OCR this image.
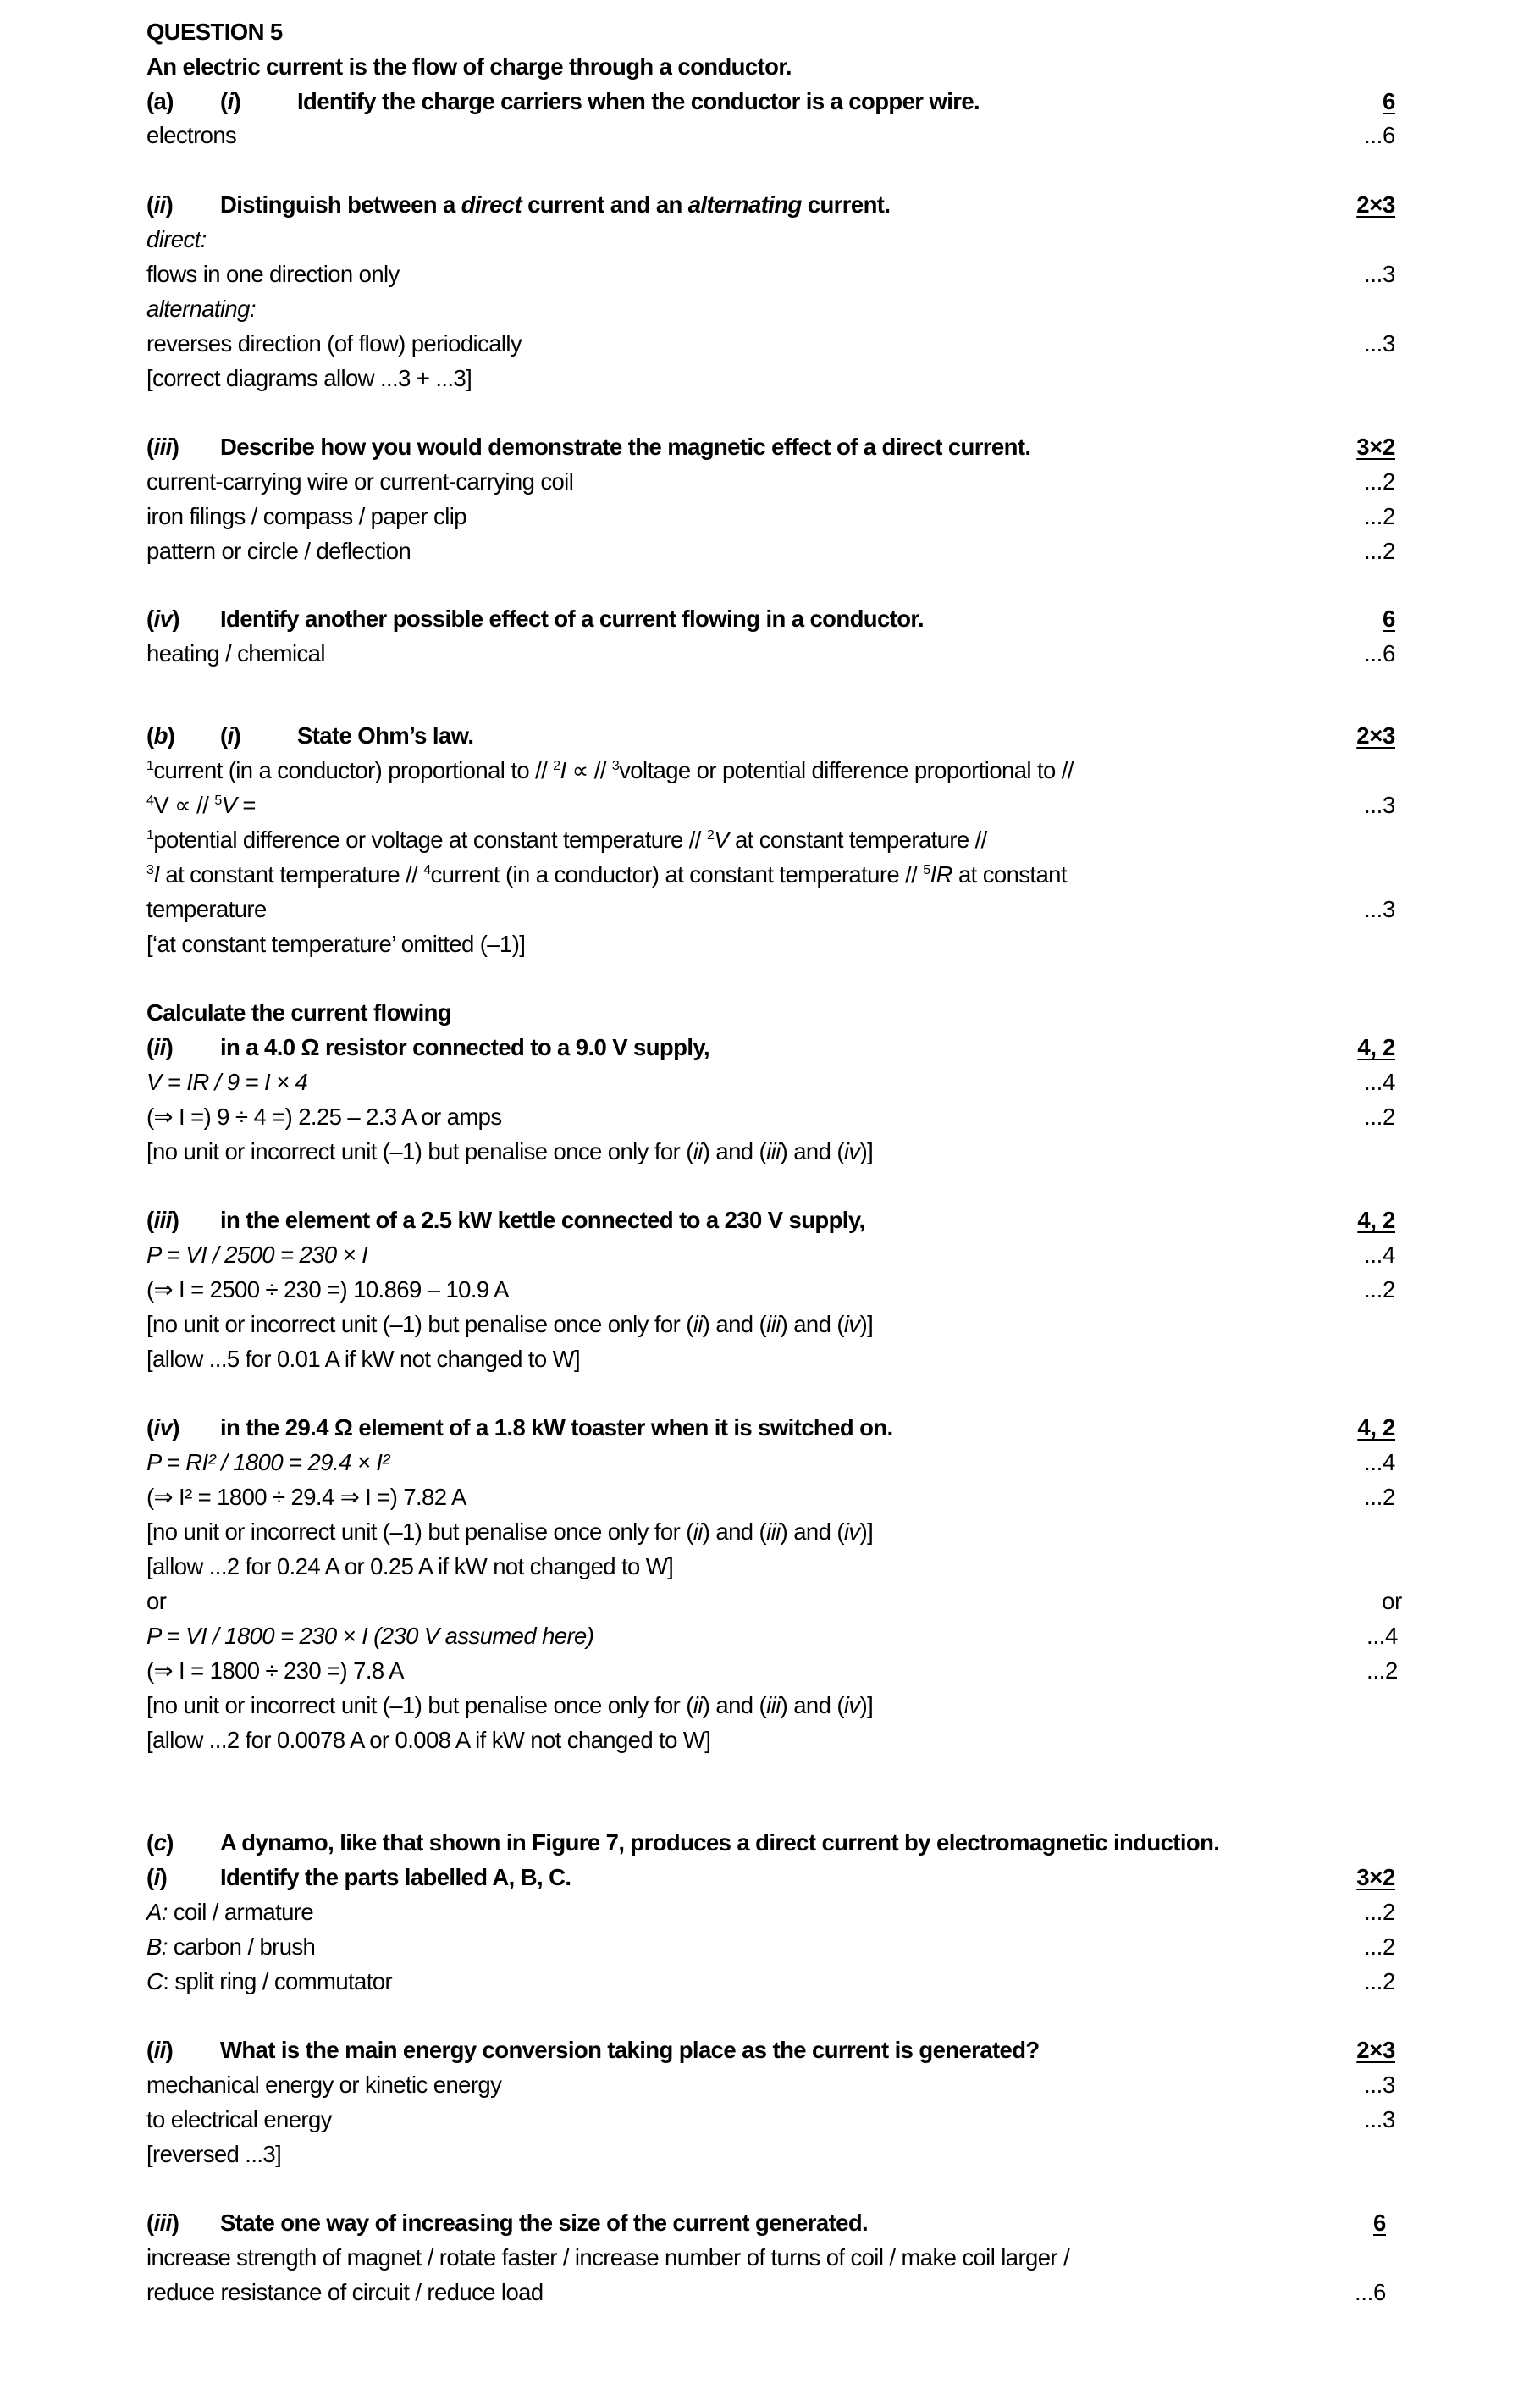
QUESTION 5
An electric current is the flow of charge through a conductor.
(a) (i) Identify the charge carriers when the conductor is a copper wire.	6
electrons	...6
(ii) Distinguish between a direct current and an alternating current.	2×3
direct:
flows in one direction only	...3
alternating:
reverses direction (of flow) periodically	...3
[correct diagrams allow ...3 + ...3]
(iii) Describe how you would demonstrate the magnetic effect of a direct current.	3×2
current-carrying wire or current-carrying coil	...2
iron filings / compass / paper clip	...2
pattern or circle / deflection	...2
(iv) Identify another possible effect of a current flowing in a conductor.	6
heating / chemical	...6
(b) (i) State Ohm’s law.	2×3
$^1$current (in a conductor) proportional to // $^2$I ∝ // $^3$voltage or potential difference proportional to //
$^4$V ∝ // $^5$V =	...3
$^1$potential difference or voltage at constant temperature // $^2$V at constant temperature //
$^3$I at constant temperature // $^4$current (in a conductor) at constant temperature // $^5$IR at constant
temperature	...3
[‘at constant temperature’ omitted (–1)]
Calculate the current flowing
(ii) in a 4.0 Ω resistor connected to a 9.0 V supply,	4, 2
V = IR / 9 = I × 4	...4
(⇒ I =) 9 ÷ 4 =) 2.25 – 2.3 A or amps	...2
[no unit or incorrect unit (–1) but penalise once only for (ii) and (iii) and (iv)]
(iii) in the element of a 2.5 kW kettle connected to a 230 V supply,	4, 2
P = VI / 2500 = 230 × I	...4
(⇒ I = 2500 ÷ 230 =) 10.869 – 10.9 A	...2
[no unit or incorrect unit (–1) but penalise once only for (ii) and (iii) and (iv)]
[allow ...5 for 0.01 A if kW not changed to W]
(iv) in the 29.4 Ω element of a 1.8 kW toaster when it is switched on.	4, 2
P = RI² / 1800 = 29.4 × I²	...4
(⇒ I² = 1800 ÷ 29.4 ⇒ I =) 7.82 A	...2
[no unit or incorrect unit (–1) but penalise once only for (ii) and (iii) and (iv)]
[allow ...2 for 0.24 A or 0.25 A if kW not changed to W]
or	or
P = VI / 1800 = 230 × I (230 V assumed here)	...4
(⇒ I = 1800 ÷ 230 =) 7.8 A	...2
[no unit or incorrect unit (–1) but penalise once only for (ii) and (iii) and (iv)]
[allow ...2 for 0.0078 A or 0.008 A if kW not changed to W]
(c) A dynamo, like that shown in Figure 7, produces a direct current by electromagnetic induction.
(i) Identify the parts labelled A, B, C.	3×2
A: coil / armature	...2
B: carbon / brush	...2
C: split ring / commutator	...2
(ii) What is the main energy conversion taking place as the current is generated?	2×3
mechanical energy or kinetic energy	...3
to electrical energy	...3
[reversed ...3]
(iii) State one way of increasing the size of the current generated.	6
increase strength of magnet / rotate faster / increase number of turns of coil / make coil larger /
reduce resistance of circuit / reduce load	...6
